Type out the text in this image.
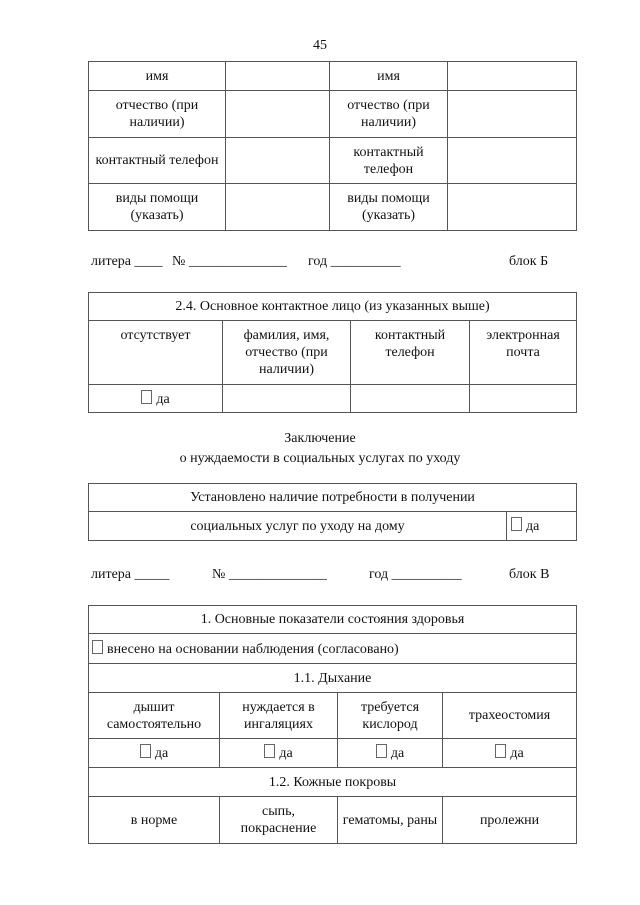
45
имя		имя	
отчество (при наличии)		отчество (при наличии)	
контактный телефон		контактный телефон	
виды помощи (указать)		виды помощи (указать)	
литера ____ № ______________ год __________	блок Б
2.4. Основное контактное лицо (из указанных выше)			
отсутствует	фамилия, имя, отчество (при наличии)	контактный телефон	электронная почта
да			
Заключение
о нуждаемости в социальных услугах по уходу
Установлено наличие потребности в получении
социальных услуг по уходу на дому	да
литера _____	№ ______________	год __________	блок В
1. Основные показатели состояния здоровья			
внесено на основании наблюдения (согласовано)			
1.1. Дыхание			
дышит самостоятельно	нуждается в ингаляциях	требуется кислород	трахеостомия
да	да	да	да
1.2. Кожные покровы			
в норме	сыпь, покраснение	гематомы, раны	пролежни
